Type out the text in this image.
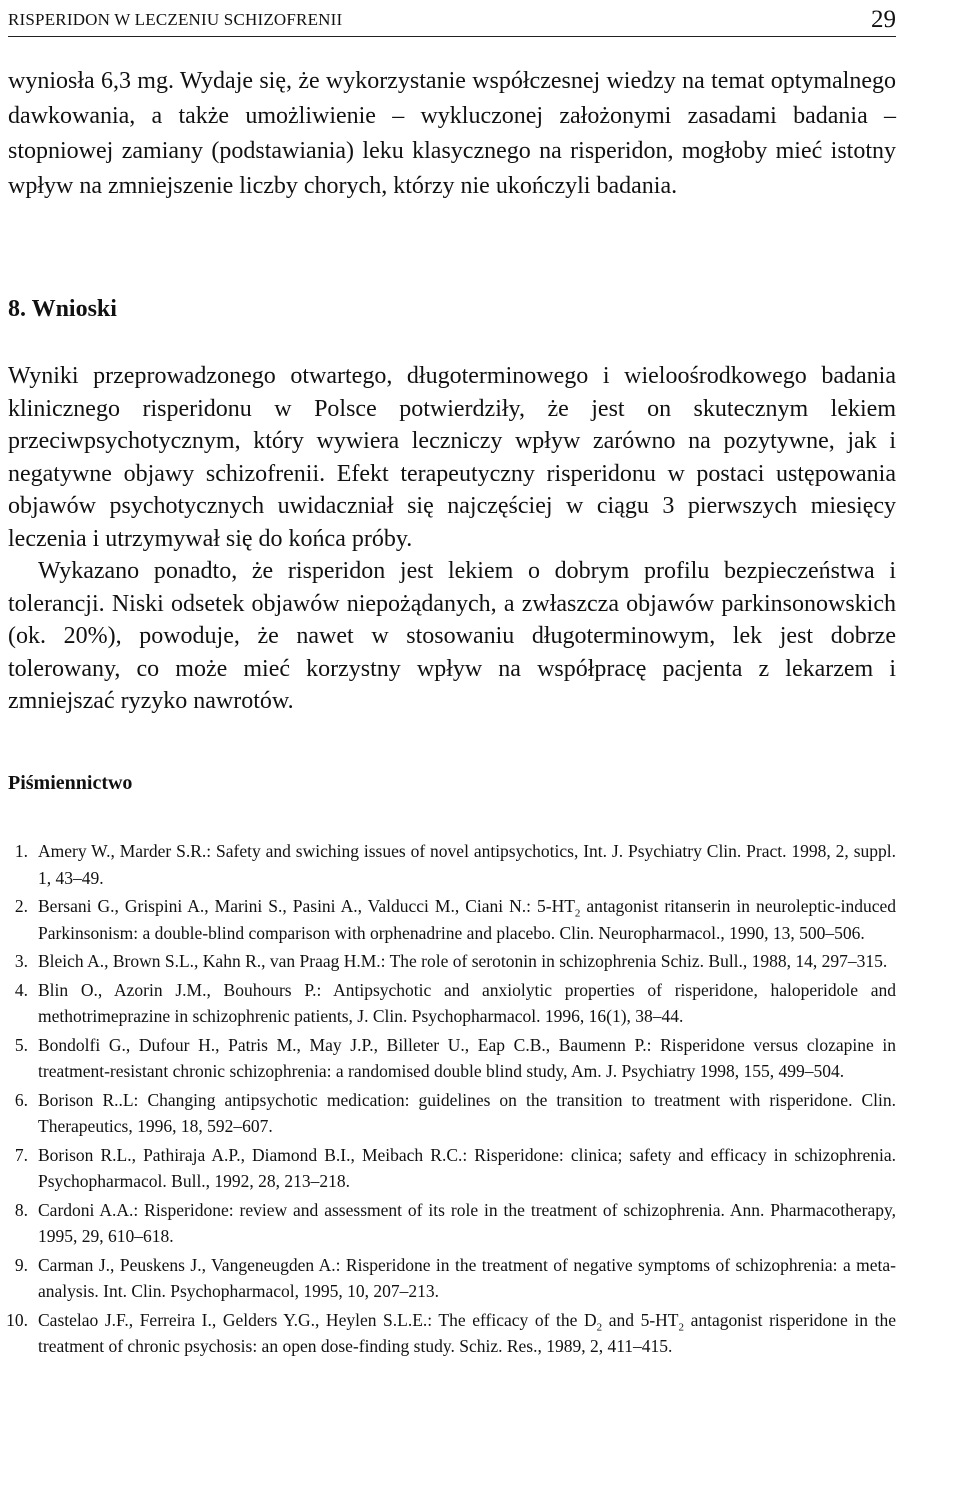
RISPERIDON W LECZENIU SCHIZOFRENII	29

wyniosła 6,3 mg. Wydaje się, że wykorzystanie współczesnej wiedzy na temat optymalnego dawkowania, a także umożliwienie – wykluczonej założonymi zasadami badania – stopniowej zamiany (podstawiania) leku klasycznego na risperidon, mogłoby mieć istotny wpływ na zmniejszenie liczby chorych, którzy nie ukończyli badania.

8. Wnioski
Wyniki przeprowadzonego otwartego, długoterminowego i wieloośrodkowego badania klinicznego risperidonu w Polsce potwierdziły, że jest on skutecznym lekiem przeciwpsychotycznym, który wywiera leczniczy wpływ zarówno na pozytywne, jak i negatywne objawy schizofrenii. Efekt terapeutyczny risperidonu w postaci ustępowania objawów psychotycznych uwidaczniał się najczęściej w ciągu 3 pierwszych miesięcy leczenia i utrzymywał się do końca próby.
Wykazano ponadto, że risperidon jest lekiem o dobrym profilu bezpieczeństwa i tolerancji. Niski odsetek objawów niepożądanych, a zwłaszcza objawów parkinsonowskich (ok. 20%), powoduje, że nawet w stosowaniu długoterminowym, lek jest dobrze tolerowany, co może mieć korzystny wpływ na współpracę pacjenta z lekarzem i zmniejszać ryzyko nawrotów.
Piśmiennictwo
1. Amery W., Marder S.R.: Safety and swiching issues of novel antipsychotics, Int. J. Psychiatry Clin. Pract. 1998, 2, suppl. 1, 43–49.
2. Bersani G., Grispini A., Marini S., Pasini A., Valducci M., Ciani N.: $5-HT_2$ antagonist ritanserin in neuroleptic-induced Parkinsonism: a double-blind comparison with orphenadrine and placebo. Clin. Neuropharmacol., 1990, 13, 500–506.
3. Bleich A., Brown S.L., Kahn R., van Praag H.M.: The role of serotonin in schizophrenia Schiz. Bull., 1988, 14, 297–315.
4. Blin O., Azorin J.M., Bouhours P.: Antipsychotic and anxiolytic properties of risperidone, haloperidole and methotrimeprazine in schizophrenic patients, J. Clin. Psychopharmacol. 1996, 16(1), 38–44.
5. Bondolfi G., Dufour H., Patris M., May J.P., Billeter U., Eap C.B., Baumenn P.: Risperidone versus clozapine in treatment-resistant chronic schizophrenia: a randomised double blind study, Am. J. Psychiatry 1998, 155, 499–504.
6. Borison R..L: Changing antipsychotic medication: guidelines on the transition to treatment with risperidone. Clin. Therapeutics, 1996, 18, 592–607.
7. Borison R.L., Pathiraja A.P., Diamond B.I., Meibach R.C.: Risperidone: clinica; safety and efficacy in schizophrenia. Psychopharmacol. Bull., 1992, 28, 213–218.
8. Cardoni A.A.: Risperidone: review and assessment of its role in the treatment of schizophrenia. Ann. Pharmacotherapy, 1995, 29, 610–618.
9. Carman J., Peuskens J., Vangeneugden A.: Risperidone in the treatment of negative symptoms of schizophrenia: a meta-analysis. Int. Clin. Psychopharmacol, 1995, 10, 207–213.
10. Castelao J.F., Ferreira I., Gelders Y.G., Heylen S.L.E.: The efficacy of the $D_2$ and $5-HT_2$ antagonist risperidone in the treatment of chronic psychosis: an open dose-finding study. Schiz. Res., 1989, 2, 411–415.
